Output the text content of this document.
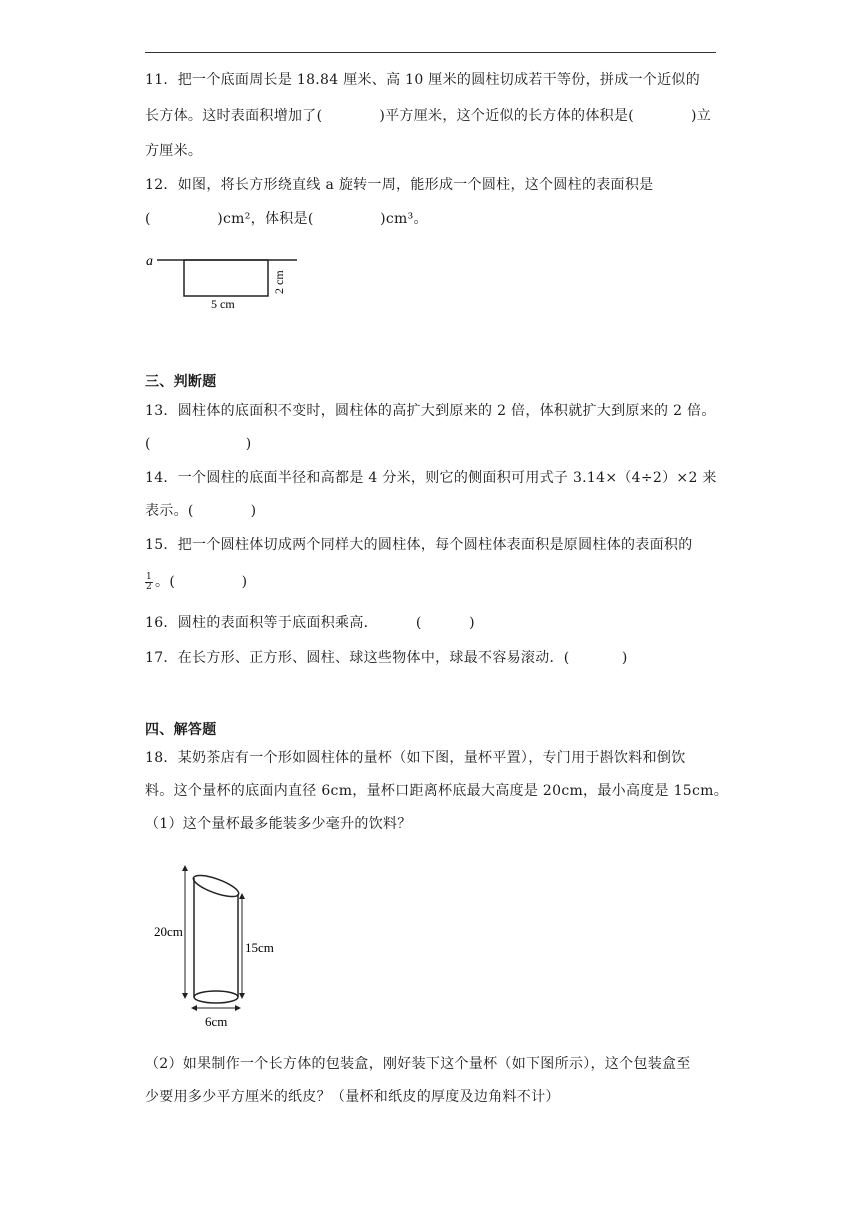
11．把一个底面周长是 18.84 厘米、高 10 厘米的圆柱切成若干等份，拼成一个近似的
长方体。这时表面积增加了(            )平方厘米，这个近似的长方体的体积是(            )立
方厘米。
12．如图，将长方形绕直线 a 旋转一周，能形成一个圆柱，这个圆柱的表面积是
(              )cm²，体积是(              )cm³。
a
5 cm
2 cm
三、判断题
13．圆柱体的底面积不变时，圆柱体的高扩大到原来的 2 倍，体积就扩大到原来的 2 倍。
(                    )
14．一个圆柱的底面半径和高都是 4 分米，则它的侧面积可用式子 3.14×（4÷2）×2 来
表示。(            )
15．把一个圆柱体切成两个同样大的圆柱体，每个圆柱体表面积是原圆柱体的表面积的
$\frac{1}{2}$ 。(              )
16．圆柱的表面积等于底面积乘高．        (          )
17．在长方形、正方形、圆柱、球这些物体中，球最不容易滚动．(           )
四、解答题
18．某奶茶店有一个形如圆柱体的量杯（如下图，量杯平置），专门用于斟饮料和倒饮
料。这个量杯的底面内直径 6cm，量杯口距离杯底最大高度是 20cm，最小高度是 15cm。
（1）这个量杯最多能装多少毫升的饮料？
20cm
15cm
6cm
（2）如果制作一个长方体的包装盒，刚好装下这个量杯（如下图所示），这个包装盒至
少要用多少平方厘米的纸皮？（量杯和纸皮的厚度及边角料不计）
